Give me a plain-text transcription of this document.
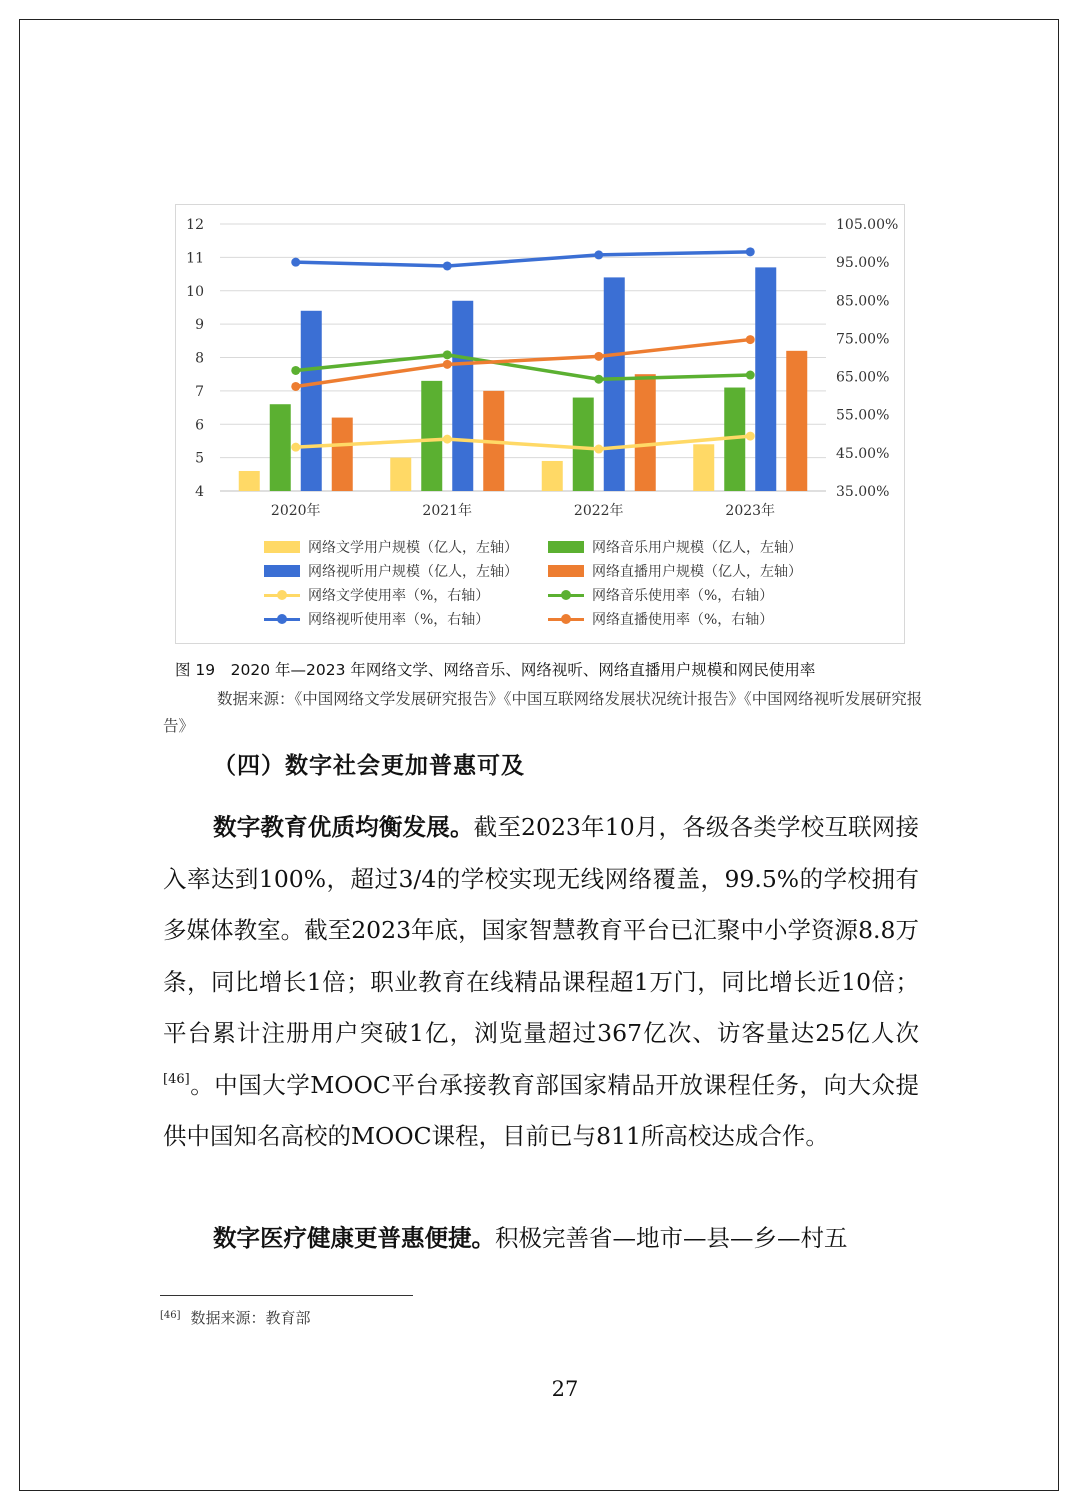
4
5
6
7
8
9
10
11
12
35.00%
45.00%
55.00%
65.00%
75.00%
85.00%
95.00%
105.00%
2020年	2021年	2022年	2023年
网络文学用户规模（亿人，左轴）	网络音乐用户规模（亿人，左轴）
网络视听用户规模（亿人，左轴）	网络直播用户规模（亿人，左轴）
网络文学使用率（%，右轴）	网络音乐使用率（%，右轴）
网络视听使用率（%，右轴）	网络直播使用率（%，右轴）
图 19　2020 年—2023 年网络文学、网络音乐、网络视听、网络直播用户规模和网民使用率
数据来源：《中国网络文学发展研究报告》《中国互联网络发展状况统计报告》《中国网络视听发展研究报告》
（四）数字社会更加普惠可及

数字教育优质均衡发展。截至2023年10月，各级各类学校互联网接入率达到100%，超过3/4的学校实现无线网络覆盖，99.5%的学校拥有多媒体教室。截至2023年底，国家智慧教育平台已汇聚中小学资源8.8万条，同比增长1倍；职业教育在线精品课程超1万门，同比增长近10倍；平台累计注册用户突破1亿，浏览量超过367亿次、访客量达25亿人次[46]。中国大学MOOC平台承接教育部国家精品开放课程任务，向大众提供中国知名高校的MOOC课程，目前已与811所高校达成合作。

数字医疗健康更普惠便捷。积极完善省—地市—县—乡—村五

[46] 数据来源：教育部
27
